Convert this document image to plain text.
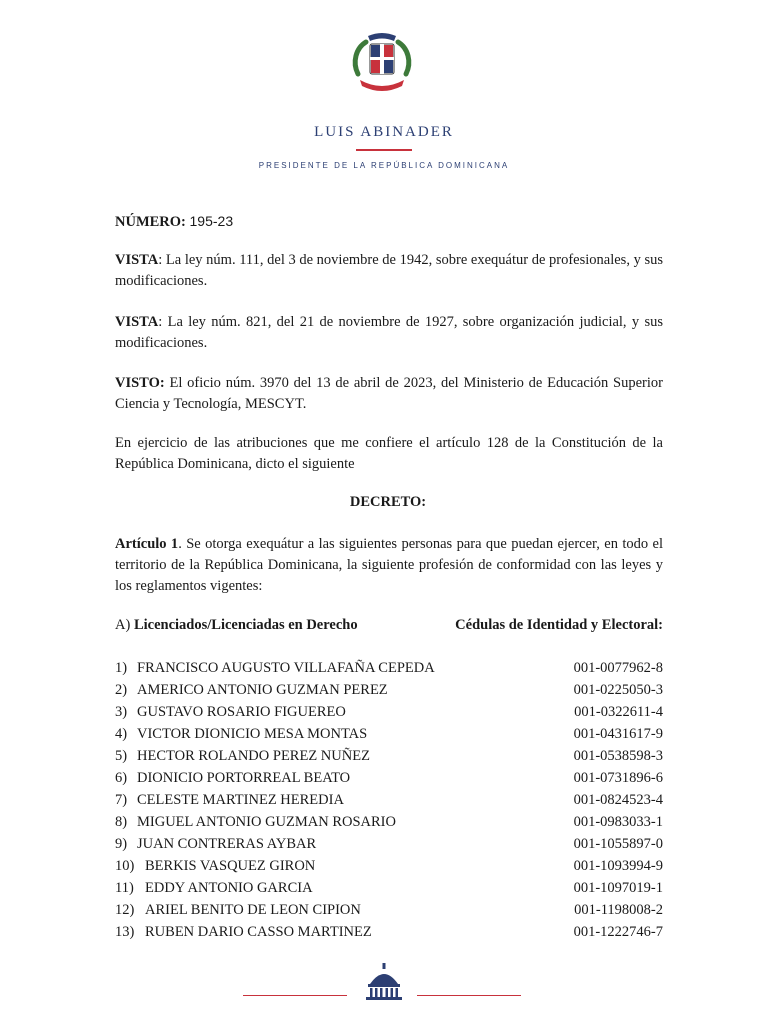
LUIS ABINADER
PRESIDENTE DE LA REPÚBLICA DOMINICANA

NÚMERO: 195-23

VISTA: La ley núm. 111, del 3 de noviembre de 1942, sobre exequátur de profesionales, y sus modificaciones.

VISTA: La ley núm. 821, del 21 de noviembre de 1927, sobre organización judicial, y sus modificaciones.

VISTO: El oficio núm. 3970 del 13 de abril de 2023, del Ministerio de Educación Superior Ciencia y Tecnología, MESCYT.

En ejercicio de las atribuciones que me confiere el artículo 128 de la Constitución de la República Dominicana, dicto el siguiente

DECRETO:

Artículo 1. Se otorga exequátur a las siguientes personas para que puedan ejercer, en todo el territorio de la República Dominicana, la siguiente profesión de conformidad con las leyes y los reglamentos vigentes:

A) Licenciados/Licenciadas en Derecho	Cédulas de Identidad y Electoral:
1) FRANCISCO AUGUSTO VILLAFAÑA CEPEDA	001-0077962-8
2) AMERICO ANTONIO GUZMAN PEREZ	001-0225050-3
3) GUSTAVO ROSARIO FIGUEREO	001-0322611-4
4) VICTOR DIONICIO MESA MONTAS	001-0431617-9
5) HECTOR ROLANDO PEREZ NUÑEZ	001-0538598-3
6) DIONICIO PORTORREAL BEATO	001-0731896-6
7) CELESTE MARTINEZ HEREDIA	001-0824523-4
8) MIGUEL ANTONIO GUZMAN ROSARIO	001-0983033-1
9) JUAN CONTRERAS AYBAR	001-1055897-0
10) BERKIS VASQUEZ GIRON	001-1093994-9
11) EDDY ANTONIO GARCIA	001-1097019-1
12) ARIEL BENITO DE LEON CIPION	001-1198008-2
13) RUBEN DARIO CASSO MARTINEZ	001-1222746-7
